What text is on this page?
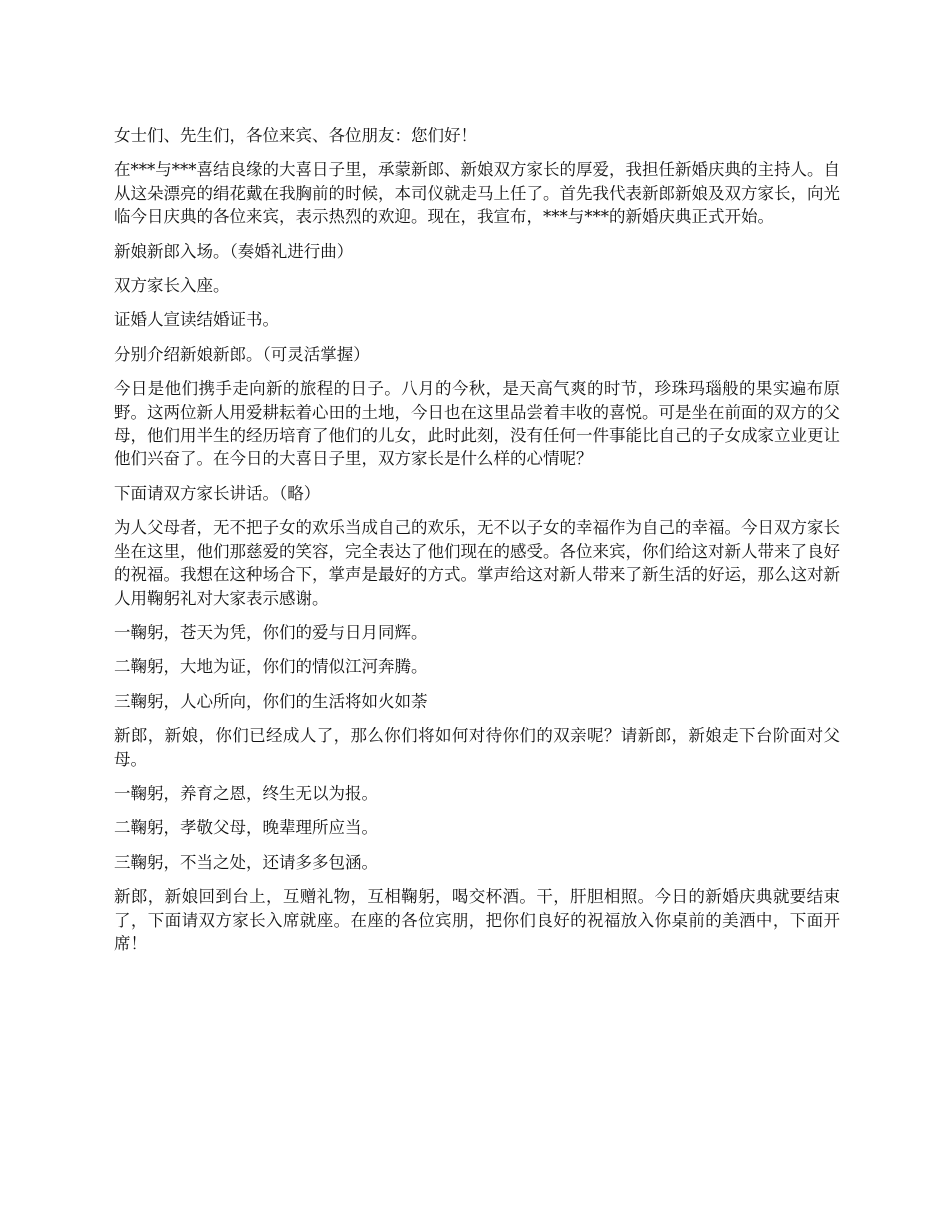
女士们、先生们，各位来宾、各位朋友：您们好！

在***与***喜结良缘的大喜日子里，承蒙新郎、新娘双方家长的厚爱，我担任新婚庆典的主持人。自从这朵漂亮的绢花戴在我胸前的时候，本司仪就走马上任了。首先我代表新郎新娘及双方家长，向光临今日庆典的各位来宾，表示热烈的欢迎。现在，我宣布，***与***的新婚庆典正式开始。

新娘新郎入场。（奏婚礼进行曲）

双方家长入座。

证婚人宣读结婚证书。

分别介绍新娘新郎。（可灵活掌握）

今日是他们携手走向新的旅程的日子。八月的今秋，是天高气爽的时节，珍珠玛瑙般的果实遍布原野。这两位新人用爱耕耘着心田的土地，今日也在这里品尝着丰收的喜悦。可是坐在前面的双方的父母，他们用半生的经历培育了他们的儿女，此时此刻，没有任何一件事能比自己的子女成家立业更让他们兴奋了。在今日的大喜日子里，双方家长是什么样的心情呢？

下面请双方家长讲话。（略）

为人父母者，无不把子女的欢乐当成自己的欢乐，无不以子女的幸福作为自己的幸福。今日双方家长坐在这里，他们那慈爱的笑容，完全表达了他们现在的感受。各位来宾，你们给这对新人带来了良好的祝福。我想在这种场合下，掌声是最好的方式。掌声给这对新人带来了新生活的好运，那么这对新人用鞠躬礼对大家表示感谢。

一鞠躬，苍天为凭，你们的爱与日月同辉。

二鞠躬，大地为证，你们的情似江河奔腾。

三鞠躬，人心所向，你们的生活将如火如荼

新郎，新娘，你们已经成人了，那么你们将如何对待你们的双亲呢？请新郎，新娘走下台阶面对父母。

一鞠躬，养育之恩，终生无以为报。

二鞠躬，孝敬父母，晚辈理所应当。

三鞠躬，不当之处，还请多多包涵。

新郎，新娘回到台上，互赠礼物，互相鞠躬，喝交杯酒。干，肝胆相照。今日的新婚庆典就要结束了，下面请双方家长入席就座。在座的各位宾朋，把你们良好的祝福放入你桌前的美酒中，下面开席！
